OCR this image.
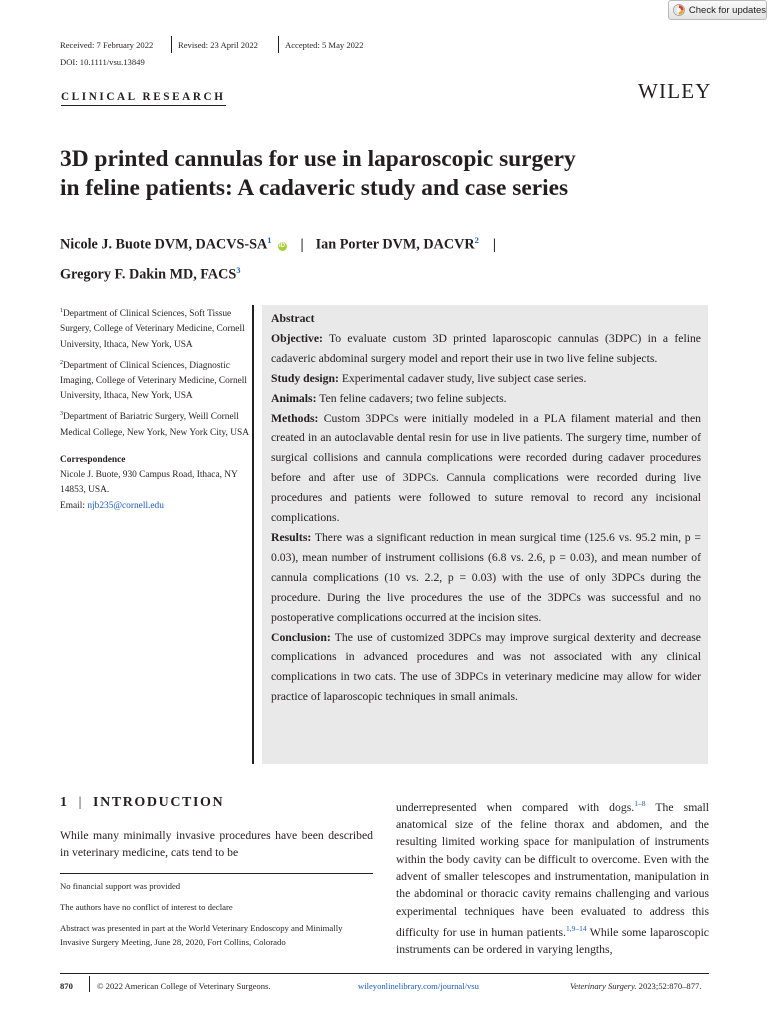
Check for updates
Received: 7 February 2022	Revised: 23 April 2022	Accepted: 5 May 2022
DOI: 10.1111/vsu.13849
CLINICAL RESEARCH	WILEY
3D printed cannulas for use in laparoscopic surgery
in feline patients: A cadaveric study and case series
Nicole J. Buote DVM, DACVS-$SA^1iD$ | Ian Porter DVM, DACVR$^2$ |
Gregory F. Dakin MD, FACS$^3$
$^1$Department of Clinical Sciences, Soft Tissue Surgery, College of Veterinary Medicine, Cornell University, Ithaca, New York, USA
$^2$Department of Clinical Sciences, Diagnostic Imaging, College of Veterinary Medicine, Cornell University, Ithaca, New York, USA
$^3$Department of Bariatric Surgery, Weill Cornell Medical College, New York, New York City, USA
Correspondence
Nicole J. Buote, 930 Campus Road, Ithaca, NY 14853, USA.
Email: njb235@cornell.edu

Abstract

Objective: To evaluate custom 3D printed laparoscopic cannulas (3DPC) in a feline cadaveric abdominal surgery model and report their use in two live feline subjects.

Study design: Experimental cadaver study, live subject case series.

Animals: Ten feline cadavers; two feline subjects.

Methods: Custom 3DPCs were initially modeled in a PLA filament material and then created in an autoclavable dental resin for use in live patients. The surgery time, number of surgical collisions and cannula complications were recorded during cadaver procedures before and after use of 3DPCs. Cannula complications were recorded during live procedures and patients were followed to suture removal to record any incisional complications.

Results: There was a significant reduction in mean surgical time (125.6 vs. 95.2 min, p = 0.03), mean number of instrument collisions (6.8 vs. 2.6, p = 0.03), and mean number of cannula complications (10 vs. 2.2, p = 0.03) with the use of only 3DPCs during the procedure. During the live procedures the use of the 3DPCs was successful and no postoperative complications occurred at the incision sites.

Conclusion: The use of customized 3DPCs may improve surgical dexterity and decrease complications in advanced procedures and was not associated with any clinical complications in two cats. The use of 3DPCs in veterinary medicine may allow for wider practice of laparoscopic techniques in small animals.

1 | INTRODUCTION
While many minimally invasive procedures have been described in veterinary medicine, cats tend to be
underrepresented when compared with dogs.$^{1-8}$ The small anatomical size of the feline thorax and abdomen, and the resulting limited working space for manipulation of instruments within the body cavity can be difficult to overcome. Even with the advent of smaller telescopes and instrumentation, manipulation in the abdominal or thoracic cavity remains challenging and various experimental techniques have been evaluated to address this difficulty for use in human patients.$^{1,9-14}$ While some laparoscopic instruments can be ordered in varying lengths,
No financial support was provided
The authors have no conflict of interest to declare
Abstract was presented in part at the World Veterinary Endoscopy and Minimally Invasive Surgery Meeting, June 28, 2020, Fort Collins, Colorado
870	© 2022 American College of Veterinary Surgeons.	wileyonlinelibrary.com/journal/vsu	Veterinary Surgery. 2023;52:870–877.
